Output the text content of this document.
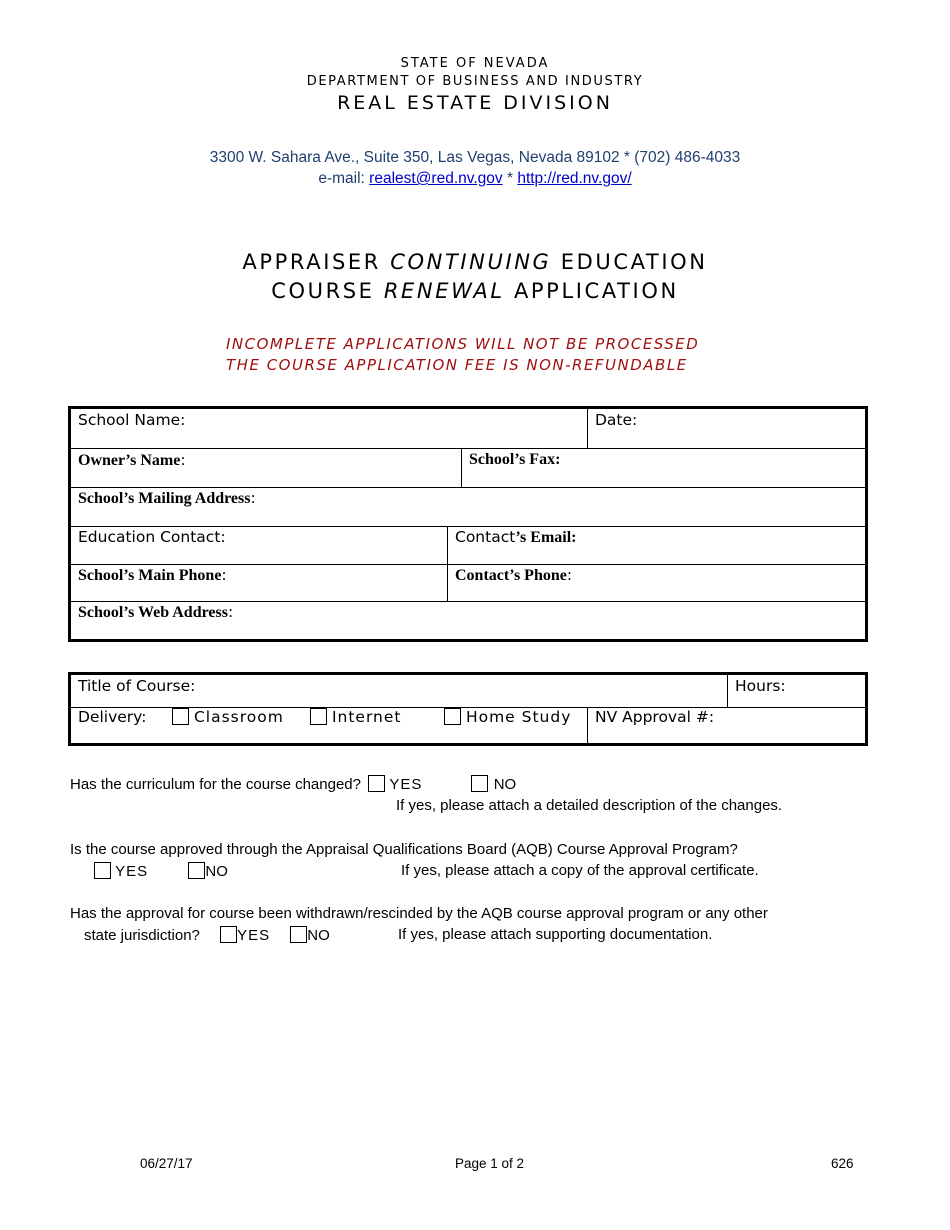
STATE OF NEVADA
DEPARTMENT OF BUSINESS AND INDUSTRY
REAL ESTATE DIVISION
3300 W. Sahara Ave., Suite 350, Las Vegas, Nevada 89102 * (702) 486-4033
e-mail: realest@red.nv.gov * http://red.nv.gov/
APPRAISER CONTINUING EDUCATION
COURSE RENEWAL APPLICATION
INCOMPLETE APPLICATIONS WILL NOT BE PROCESSED
THE COURSE APPLICATION FEE IS NON-REFUNDABLE
School Name:	Date:
Owner’s Name:	School’s Fax:
School’s Mailing Address:
Education Contact:	Contact’s Email:
School’s Main Phone:	Contact’s Phone:
School’s Web Address:
Title of Course:	Hours:
Delivery:	Classroom	Internet	Home Study NV Approval #:
Has the curriculum for the course changed? YES	NO
If yes, please attach a detailed description of the changes.
Is the course approved through the Appraisal Qualifications Board (AQB) Course Approval Program?
YES	NO	If yes, please attach a copy of the approval certificate.
Has the approval for course been withdrawn/rescinded by the AQB course approval program or any other
state jurisdiction? YES NO	If yes, please attach supporting documentation.
06/27/17	Page 1 of 2	626
